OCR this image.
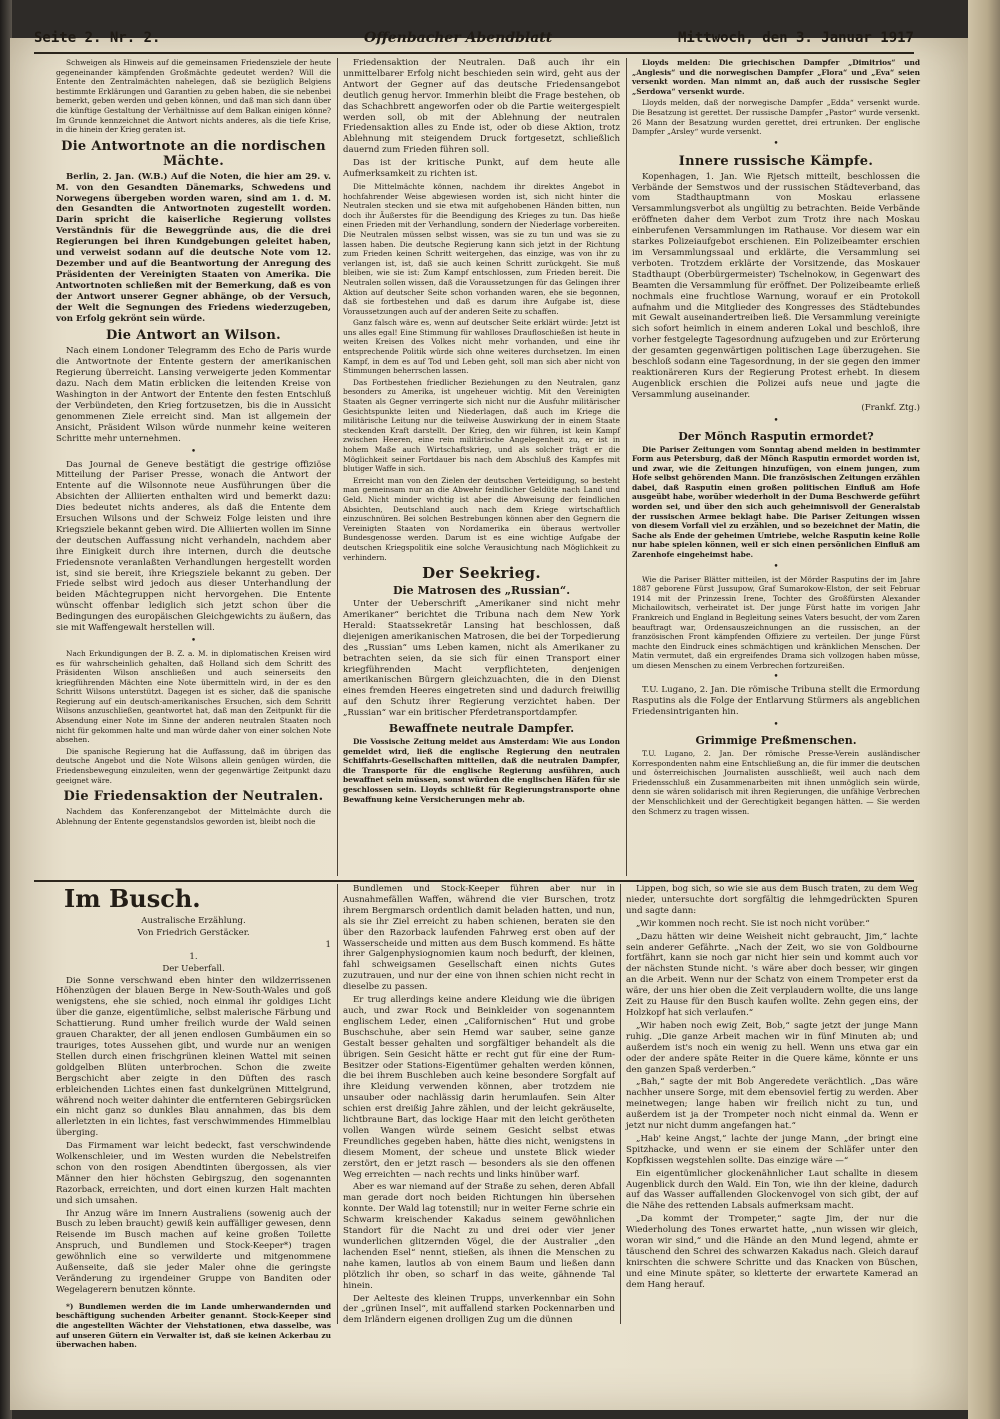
Seite 2. Nr. 2.	Offenbacher Abendblatt	Mittwoch, den 3. Januar 1917

Schweigen als Hinweis auf die gemeinsamen Friedensziele der heute gegeneinander kämpfenden Großmächte gedeutet werden? Will die Entente den Zentralmächten nahelegen, daß sie bezüglich Belgiens bestimmte Erklärungen und Garantien zu geben haben, die sie nebenbei bemerkt, geben werden und geben können, und daß man sich dann über die künftige Gestaltung der Verhältnisse auf dem Balkan einigen könne? Im Grunde kennzeichnet die Antwort nichts anderes, als die tiefe Krise, in die hinein der Krieg geraten ist.

Die Antwortnote an die nordischen Mächte.

Berlin, 2. Jan. (W.B.) Auf die Noten, die hier am 29. v. M. von den Gesandten Dänemarks, Schwedens und Norwegens übergeben worden waren, sind am 1. d. M. den Gesandten die Antwortnoten zugestellt worden. Darin spricht die kaiserliche Regierung vollstes Verständnis für die Beweggründe aus, die die drei Regierungen bei ihren Kundgebungen geleitet haben, und verweist sodann auf die deutsche Note vom 12. Dezember und auf die Beantwortung der Anregung des Präsidenten der Vereinigten Staaten von Amerika. Die Antwortnoten schließen mit der Bemerkung, daß es von der Antwort unserer Gegner abhänge, ob der Versuch, der Welt die Segnungen des Friedens wiederzugeben, von Erfolg gekrönt sein würde.

Die Antwort an Wilson.

Nach einem Londoner Telegramm des Echo de Paris wurde die Antwortnote der Entente gestern der amerikanischen Regierung überreicht. Lansing verweigerte jeden Kommentar dazu. Nach dem Matin erblicken die leitenden Kreise von Washington in der Antwort der Entente den festen Entschluß der Verbündeten, den Krieg fortzusetzen, bis die in Aussicht genommenen Ziele erreicht sind. Man ist allgemein der Ansicht, Präsident Wilson würde nunmehr keine weiteren Schritte mehr unternehmen.

•

Das Journal de Geneve bestätigt die gestrige offiziöse Mitteilung der Pariser Presse, wonach die Antwort der Entente auf die Wilsonnote neue Ausführungen über die Absichten der Alliierten enthalten wird und bemerkt dazu: Dies bedeutet nichts anderes, als daß die Entente dem Ersuchen Wilsons und der Schweiz Folge leisten und ihre Kriegsziele bekannt geben wird. Die Alliierten wollen im Sinne der deutschen Auffassung nicht verhandeln, nachdem aber ihre Einigkeit durch ihre internen, durch die deutsche Friedensnote veranlaßten Verhandlungen hergestellt worden ist, sind sie bereit, ihre Kriegsziele bekannt zu geben. Der Friede selbst wird jedoch aus dieser Unterhandlung der beiden Mächtegruppen nicht hervorgehen. Die Entente wünscht offenbar lediglich sich jetzt schon über die Bedingungen des europäischen Gleichgewichts zu äußern, das sie mit Waffengewalt herstellen will.

•

Nach Erkundigungen der B. Z. a. M. in diplomatischen Kreisen wird es für wahrscheinlich gehalten, daß Holland sich dem Schritt des Präsidenten Wilson anschließen und auch seinerseits den kriegführenden Mächten eine Note übermitteln wird, in der es den Schritt Wilsons unterstützt. Dagegen ist es sicher, daß die spanische Regierung auf ein deutsch-amerikanisches Ersuchen, sich dem Schritt Wilsons anzuschließen, geantwortet hat, daß man den Zeitpunkt für die Absendung einer Note im Sinne der anderen neutralen Staaten noch nicht für gekommen halte und man würde daher von einer solchen Note absehen.

Die spanische Regierung hat die Auffassung, daß im übrigen das deutsche Angebot und die Note Wilsons allein genügen würden, die Friedensbewegung einzuleiten, wenn der gegenwärtige Zeitpunkt dazu geeignet wäre.

Die Friedensaktion der Neutralen.

Nachdem das Konferenzangebot der Mittelmächte durch die Ablehnung der Entente gegenstandslos geworden ist, bleibt noch die

Friedensaktion der Neutralen. Daß auch ihr ein unmittelbarer Erfolg nicht beschieden sein wird, geht aus der Antwort der Gegner auf das deutsche Friedensangebot deutlich genug hervor. Immerhin bleibt die Frage bestehen, ob das Schachbrett angeworfen oder ob die Partie weitergespielt werden soll, ob mit der Ablehnung der neutralen Friedensaktion alles zu Ende ist, oder ob diese Aktion, trotz Ablehnung mit steigendem Druck fortgesetzt, schließlich dauernd zum Frieden führen soll.

Das ist der kritische Punkt, auf dem heute alle Aufmerksamkeit zu richten ist.

Die Mittelmächte können, nachdem ihr direktes Angebot in hochfahrender Weise abgewiesen worden ist, sich nicht hinter die Neutralen stecken und sie etwa mit aufgehobenen Händen bitten, nun doch ihr Äußerstes für die Beendigung des Krieges zu tun. Das hieße einen Frieden mit der Verhandlung, sondern der Niederlage vorbereiten. Die Neutralen müssen selbst wissen, was sie zu tun und was sie zu lassen haben. Die deutsche Regierung kann sich jetzt in der Richtung zum Frieden keinen Schritt weitergehen, das einzige, was von ihr zu verlangen ist, ist, daß sie auch keinen Schritt zurückgeht. Sie muß bleiben, wie sie ist: Zum Kampf entschlossen, zum Frieden bereit. Die Neutralen sollen wissen, daß die Voraussetzungen für das Gelingen ihrer Aktion auf deutscher Seite schon vorhanden waren, ehe sie begonnen, daß sie fortbestehen und daß es darum ihre Aufgabe ist, diese Voraussetzungen auch auf der anderen Seite zu schaffen.

Ganz falsch wäre es, wenn auf deutscher Seite erklärt würde: Jetzt ist uns alles egal! Eine Stimmung für wahlloses Draufloschießen ist heute in weiten Kreisen des Volkes nicht mehr vorhanden, und eine ihr entsprechende Politik würde sich ohne weiteres durchsetzen. Im einen Kampf, in dem es auf Tod und Leben geht, soll man sich aber nicht von Stimmungen beherrschen lassen.

Das Fortbestehen friedlicher Beziehungen zu den Neutralen, ganz besonders zu Amerika, ist ungeheuer wichtig. Mit den Vereinigten Staaten als Gegner verringerte sich nicht nur die Ausfuhr militärischer Gesichtspunkte leiten und Niederlagen, daß auch im Kriege die militärische Leitung nur die teilweise Auswirkung der in einem Staate steckenden Kraft darstellt. Der Krieg, den wir führen, ist kein Kampf zwischen Heeren, eine rein militärische Angelegenheit zu, er ist in hohem Maße auch Wirtschaftskrieg, und als solcher trägt er die Möglichkeit seiner Fortdauer bis nach dem Abschluß des Kampfes mit blutiger Waffe in sich.

Erreicht man von den Zielen der deutschen Verteidigung, so besteht man gemeinsam nur an die Abwehr feindlicher Geldüte nach Land und Geld. Nicht minder wichtig ist aber die Abweisung der feindlichen Absichten, Deutschland auch nach dem Kriege wirtschaftlich einzuschnüren. Bei solchen Bestrebungen können aber den Gegnern die Vereinigten Staaten von Nordamerika ein überaus wertvoller Bundesgenosse werden. Darum ist es eine wichtige Aufgabe der deutschen Kriegspolitik eine solche Verausichtung nach Möglichkeit zu verhindern.

Der Seekrieg.
Die Matrosen des „Russian“.

Unter der Ueberschrift „Amerikaner sind nicht mehr Amerikaner“ berichtet die Tribuna nach dem New York Herald: Staatssekretär Lansing hat beschlossen, daß diejenigen amerikanischen Matrosen, die bei der Torpedierung des „Russian“ ums Leben kamen, nicht als Amerikaner zu betrachten seien, da sie sich für einen Transport einer kriegführenden Macht verpflichteten, denjenigen amerikanischen Bürgern gleichzuachten, die in den Dienst eines fremden Heeres eingetreten sind und dadurch freiwillig auf den Schutz ihrer Regierung verzichtet haben. Der „Russian“ war ein britischer Pferdetransportdampfer.

Bewaffnete neutrale Dampfer.

Die Vossische Zeitung meldet aus Amsterdam: Wie aus London gemeldet wird, ließ die englische Regierung den neutralen Schiffahrts-Gesellschaften mitteilen, daß die neutralen Dampfer, die Transporte für die englische Regierung ausführen, auch bewaffnet sein müssen, sonst würden die englischen Häfen für sie geschlossen sein. Lloyds schließt für Regierungstransporte ohne Bewaffnung keine Versicherungen mehr ab.

Lloyds melden: Die griechischen Dampfer „Dimitrios“ und „Anglesis“ und die norwegischen Dampfer „Flora“ und „Eva“ seien versenkt worden. Man nimmt an, daß auch der russische Segler „Serdowa“ versenkt wurde.

Lloyds melden, daß der norwegische Dampfer „Edda“ versenkt wurde. Die Besatzung ist gerettet. Der russische Dampfer „Pastor“ wurde versenkt. 26 Mann der Besatzung wurden gerettet, drei ertrunken. Der englische Dampfer „Arsley“ wurde versenkt.

•
Innere russische Kämpfe.

Kopenhagen, 1. Jan. Wie Rjetsch mitteilt, beschlossen die Verbände der Semstwos und der russischen Städteverband, das vom Stadthauptmann von Moskau erlassene Versammlungsverbot als ungültig zu betrachten. Beide Verbände eröffneten daher dem Verbot zum Trotz ihre nach Moskau einberufenen Versammlungen im Rathause. Vor diesem war ein starkes Polizeiaufgebot erschienen. Ein Polizeibeamter erschien im Versammlungssaal und erklärte, die Versammlung sei verboten. Trotzdem erklärte der Vorsitzende, das Moskauer Stadthaupt (Oberbürgermeister) Tschelnokow, in Gegenwart des Beamten die Versammlung für eröffnet. Der Polizeibeamte erließ nochmals eine fruchtlose Warnung, worauf er ein Protokoll aufnahm und die Mitglieder des Kongresses des Städtebundes mit Gewalt auseinandertreiben ließ. Die Versammlung vereinigte sich sofort heimlich in einem anderen Lokal und beschloß, ihre vorher festgelegte Tagesordnung aufzugeben und zur Erörterung der gesamten gegenwärtigen politischen Lage überzugehen. Sie beschloß sodann eine Tagesordnung, in der sie gegen den immer reaktionäreren Kurs der Regierung Protest erhebt. In diesem Augenblick erschien die Polizei aufs neue und jagte die Versammlung auseinander.

(Frankf. Ztg.)

•
Der Mönch Rasputin ermordet?

Die Pariser Zeitungen vom Sonntag abend melden in bestimmter Form aus Petersburg, daß der Mönch Rasputin ermordet worden ist, und zwar, wie die Zeitungen hinzufügen, von einem jungen, zum Hofe selbst gehörenden Mann. Die französischen Zeitungen erzählen dabei, daß Rasputin einen großen politischen Einfluß am Hofe ausgeübt habe, worüber wiederholt in der Duma Beschwerde geführt worden sei, und über den sich auch geheimnisvoll der Generalstab der russischen Armee beklagt habe. Die Pariser Zeitungen wissen von diesem Vorfall viel zu erzählen, und so bezeichnet der Matin, die Sache als Ende der geheimen Umtriebe, welche Rasputin keine Rolle nur habe spielen können, weil er sich einen persönlichen Einfluß am Zarenhofe eingeheimst habe.

•

Wie die Pariser Blätter mitteilen, ist der Mörder Rasputins der im Jahre 1887 geborene Fürst Jussupow, Graf Sumarokow-Elston, der seit Februar 1914 mit der Prinzessin Irene, Tochter des Großfürsten Alexander Michailowitsch, verheiratet ist. Der junge Fürst hatte im vorigen Jahr Frankreich und England in Begleitung seines Vaters besucht, der vom Zaren beauftragt war, Ordensauszeichnungen an die russischen, an der französischen Front kämpfenden Offiziere zu verteilen. Der junge Fürst machte den Eindruck eines schmächtigen und kränklichen Menschen. Der Matin vermutet, daß ein ergreifendes Drama sich vollzogen haben müsse, um diesen Menschen zu einem Verbrechen fortzureißen.

•

T.U. Lugano, 2. Jan. Die römische Tribuna stellt die Ermordung Rasputins als die Folge der Entlarvung Stürmers als angeblichen Friedensintriganten hin.

•
Grimmige Preßmenschen.

T.U. Lugano, 2. Jan. Der römische Presse-Verein ausländischer Korrespondenten nahm eine Entschließung an, die für immer die deutschen und österreichischen Journalisten ausschließt, weil auch nach dem Friedensschluß ein Zusammenarbeiten mit ihnen unmöglich sein würde, denn sie wären solidarisch mit ihren Regierungen, die unfähige Verbrechen der Menschlichkeit und der Gerechtigkeit begangen hätten. — Sie werden den Schmerz zu tragen wissen.

Im Busch.

Australische Erzählung.

Von Friedrich Gerstäcker.

1

1.

Der Ueberfall.

Die Sonne verschwand eben hinter den wildzerrissenen Höhenzügen der blauen Berge in New-South-Wales und goß wenigstens, ehe sie schied, noch einmal ihr goldiges Licht über die ganze, eigentümliche, selbst malerische Färbung und Schattierung. Rund umher freilich wurde der Wald seinen grauen Charakter, der all jenen endlosen Gumbäumen ein so trauriges, totes Aussehen gibt, und wurde nur an wenigen Stellen durch einen frischgrünen kleinen Wattel mit seinen goldgelben Blüten unterbrochen. Schon die zweite Bergschicht aber zeigte in den Düften des rasch erbleichenden Lichtes einen fast dunkelgrünen Mittelgrund, während noch weiter dahinter die entfernteren Gebirgsrücken ein nicht ganz so dunkles Blau annahmen, das bis dem allerletzten in ein lichtes, fast verschwimmendes Himmelblau überging.

Das Firmament war leicht bedeckt, fast verschwindende Wolkenschleier, und im Westen wurden die Nebelstreifen schon von den rosigen Abendtinten übergossen, als vier Männer den hier höchsten Gebirgszug, den sogenannten Razorback, erreichten, und dort einen kurzen Halt machten und sich umsahen.

Ihr Anzug wäre im Innern Australiens (sowenig auch der Busch zu leben braucht) gewiß kein auffälliger gewesen, denn Reisende im Busch machen auf keine großen Toilette Anspruch, und Bundlemen und Stock-Keeper*) tragen gewöhnlich eine so verwilderte und mitgenommene Außenseite, daß sie jeder Maler ohne die geringste Veränderung zu irgendeiner Gruppe von Banditen oder Wegelagerern benutzen könnte.

*) Bundlemen werden die im Lande umherwandernden und beschäftigung suchenden Arbeiter genannt. Stock-Keeper sind die angestellten Wächter der Viehstationen, etwa dasselbe, was auf unseren Gütern ein Verwalter ist, daß sie keinen Ackerbau zu überwachen haben.

Bundlemen und Stock-Keeper führen aber nur in Ausnahmefällen Waffen, während die vier Burschen, trotz ihrem Bergmarsch ordentlich damit beladen hatten, und nun, als sie ihr Ziel erreicht zu haben schienen, beraten sie den über den Razorback laufenden Fahrweg erst oben auf der Wasserscheide und mitten aus dem Busch kommend. Es hätte ihrer Galgenphysiognomien kaum noch bedurft, der kleinen, fahl schweigsamen Gesellschaft einen nichts Gutes zuzutrauen, und nur der eine von ihnen schien nicht recht in dieselbe zu passen.

Er trug allerdings keine andere Kleidung wie die übrigen auch, und zwar Rock und Beinkleider von sogenanntem englischem Leder, einen „Californischen“ Hut und grobe Buschschuhe, aber sein Hemd war sauber, seine ganze Gestalt besser gehalten und sorgfältiger behandelt als die übrigen. Sein Gesicht hätte er recht gut für eine der Rum-Besitzer oder Stations-Eigentümer gehalten werden können, die bei ihrem Buschleben auch keine besondere Sorgfalt auf ihre Kleidung verwenden können, aber trotzdem nie unsauber oder nachlässig darin herumlaufen. Sein Alter schien erst dreißig Jahre zählen, und der leicht gekräuselte, lichtbraune Bart, das lockige Haar mit den leicht gerötheten vollen Wangen würde seinem Gesicht selbst etwas Freundliches gegeben haben, hätte dies nicht, wenigstens in diesem Moment, der scheue und unstete Blick wieder zerstört, den er jetzt rasch — besonders als sie den offenen Weg erreichten — nach rechts und links hinüber warf.

Aber es war niemand auf der Straße zu sehen, deren Abfall man gerade dort noch beiden Richtungen hin übersehen konnte. Der Wald lag totenstill; nur in weiter Ferne schrie ein Schwarm kreischender Kakadus seinem gewöhnlichen Standort für die Nacht zu und drei oder vier jener wunderlichen glitzernden Vögel, die der Australier „den lachenden Esel“ nennt, stießen, als ihnen die Menschen zu nahe kamen, lautlos ab von einem Baum und ließen dann plötzlich ihr oben, so scharf in das weite, gähnende Tal hinein.

Der Aelteste des kleinen Trupps, unverkennbar ein Sohn der „grünen Insel“, mit auffallend starken Pockennarben und dem Irländern eigenen drolligen Zug um die dünnen

Lippen, bog sich, so wie sie aus dem Busch traten, zu dem Weg nieder, untersuchte dort sorgfältig die lehmgedrückten Spuren und sagte dann:

„Wir kommen noch recht. Sie ist noch nicht vorüber.“

„Dazu hätten wir deine Weisheit nicht gebraucht, Jim,“ lachte sein anderer Gefährte. „Nach der Zeit, wo sie von Goldbourne fortfährt, kann sie noch gar nicht hier sein und kommt auch vor der nächsten Stunde nicht. 's wäre aber doch besser, wir gingen an die Arbeit. Wenn nur der Schatz von einem Trompeter erst da wäre, der uns hier oben die Zeit verplaudern wollte, die uns lange Zeit zu Hause für den Busch kaufen wollte. Zehn gegen eins, der Holzkopf hat sich verlaufen.“

„Wir haben noch ewig Zeit, Bob,“ sagte jetzt der junge Mann ruhig. „Die ganze Arbeit machen wir in fünf Minuten ab; und außerdem ist's noch ein wenig zu hell. Wenn uns etwa gar ein oder der andere späte Reiter in die Quere käme, könnte er uns den ganzen Spaß verderben.“

„Bah,“ sagte der mit Bob Angeredete verächtlich. „Das wäre nachher unsere Sorge, mit dem ebensoviel fertig zu werden. Aber meinetwegen; lange haben wir freilich nicht zu tun, und außerdem ist ja der Trompeter noch nicht einmal da. Wenn er jetzt nur nicht dumm angefangen hat.“

„Hab' keine Angst,“ lachte der junge Mann, „der bringt eine Spitzhacke, und wenn er sie einem der Schläfer unter den Kopfkissen wegstehlen sollte. Das einzige wäre —“

Ein eigentümlicher glockenähnlicher Laut schallte in diesem Augenblick durch den Wald. Ein Ton, wie ihn der kleine, dadurch auf das Wasser auffallenden Glockenvogel von sich gibt, der auf die Nähe des rettenden Labsals aufmerksam macht.

„Da kommt der Trompeter,“ sagte Jim, der nur die Wiederholung des Tones erwartet hatte, „nun wissen wir gleich, woran wir sind,“ und die Hände an den Mund legend, ahmte er täuschend den Schrei des schwarzen Kakadus nach. Gleich darauf knirschten die schwere Schritte und das Knacken von Büschen, und eine Minute später, so kletterte der erwartete Kamerad an dem Hang herauf.
